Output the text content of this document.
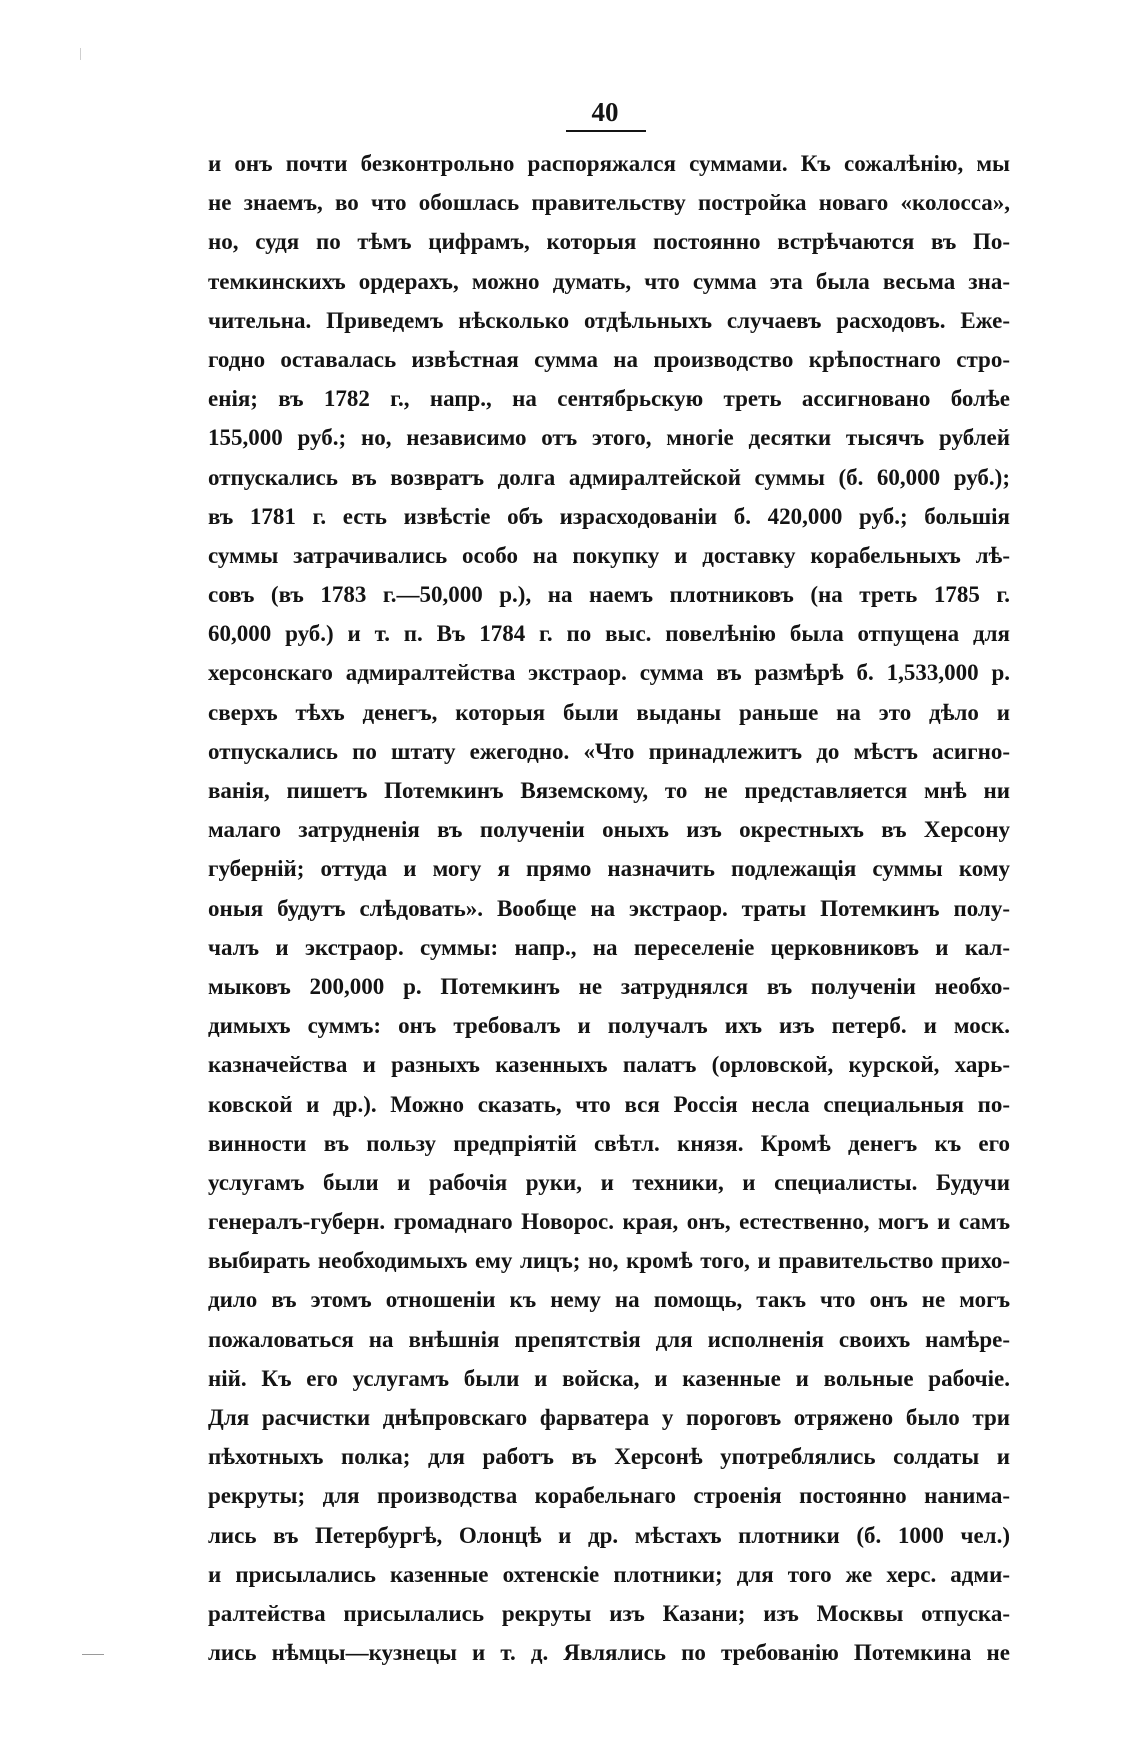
40
и онъ почти безконтрольно распоряжался суммами. Къ сожалѣнію, мы
не знаемъ, во что обошлась правительству постройка новаго «колосса»,
но, судя по тѣмъ цифрамъ, которыя постоянно встрѣчаются въ По-
темкинскихъ ордерахъ, можно думать, что сумма эта была весьма зна-
чительна. Приведемъ нѣсколько отдѣльныхъ случаевъ расходовъ. Еже-
годно оставалась извѣстная сумма на производство крѣпостнаго стро-
енія; въ 1782 г., напр., на сентябрьскую треть ассигновано болѣе
155,000 руб.; но, независимо отъ этого, многіе десятки тысячъ рублей
отпускались въ возвратъ долга адмиралтейской суммы (б. 60,000 руб.);
въ 1781 г. есть извѣстіе объ израсходованіи б. 420,000 руб.; большія
суммы затрачивались особо на покупку и доставку корабельныхъ лѣ-
совъ (въ 1783 г.—50,000 р.), на наемъ плотниковъ (на треть 1785 г.
60,000 руб.) и т. п. Въ 1784 г. по выс. повелѣнію была отпущена для
херсонскаго адмиралтейства экстраор. сумма въ размѣрѣ б. 1,533,000 р.
сверхъ тѣхъ денегъ, которыя были выданы раньше на это дѣло и
отпускались по штату ежегодно. «Что принадлежитъ до мѣстъ асигно-
ванія, пишетъ Потемкинъ Вяземскому, то не представляется мнѣ ни
малаго затрудненія въ полученіи оныхъ изъ окрестныхъ въ Херсону
губерній; оттуда и могу я прямо назначить подлежащія суммы кому
оныя будутъ слѣдовать». Вообще на экстраор. траты Потемкинъ полу-
чалъ и экстраор. суммы: напр., на переселеніе церковниковъ и кал-
мыковъ 200,000 р. Потемкинъ не затруднялся въ полученіи необхо-
димыхъ суммъ: онъ требовалъ и получалъ ихъ изъ петерб. и моск.
казначейства и разныхъ казенныхъ палатъ (орловской, курской, харь-
ковской и др.). Можно сказать, что вся Россія несла специальныя по-
винности въ пользу предпріятій свѣтл. князя. Кромѣ денегъ къ его
услугамъ были и рабочія руки, и техники, и специалисты. Будучи
генералъ-губерн. громаднаго Новорос. края, онъ, естественно, могъ и самъ
выбирать необходимыхъ ему лицъ; но, кромѣ того, и правительство прихо-
дило въ этомъ отношеніи къ нему на помощь, такъ что онъ не могъ
пожаловаться на внѣшнія препятствія для исполненія своихъ намѣре-
ній. Къ его услугамъ были и войска, и казенные и вольные рабочіе.
Для расчистки днѣпровскаго фарватера у пороговъ отряжено было три
пѣхотныхъ полка; для работъ въ Херсонѣ употреблялись солдаты и
рекруты; для производства корабельнаго строенія постоянно нанима-
лись въ Петербургѣ, Олонцѣ и др. мѣстахъ плотники (б. 1000 чел.)
и присылались казенные охтенскіе плотники; для того же херс. адми-
ралтейства присылались рекруты изъ Казани; изъ Москвы отпуска-
лись нѣмцы—кузнецы и т. д. Являлись по требованію Потемкина не
